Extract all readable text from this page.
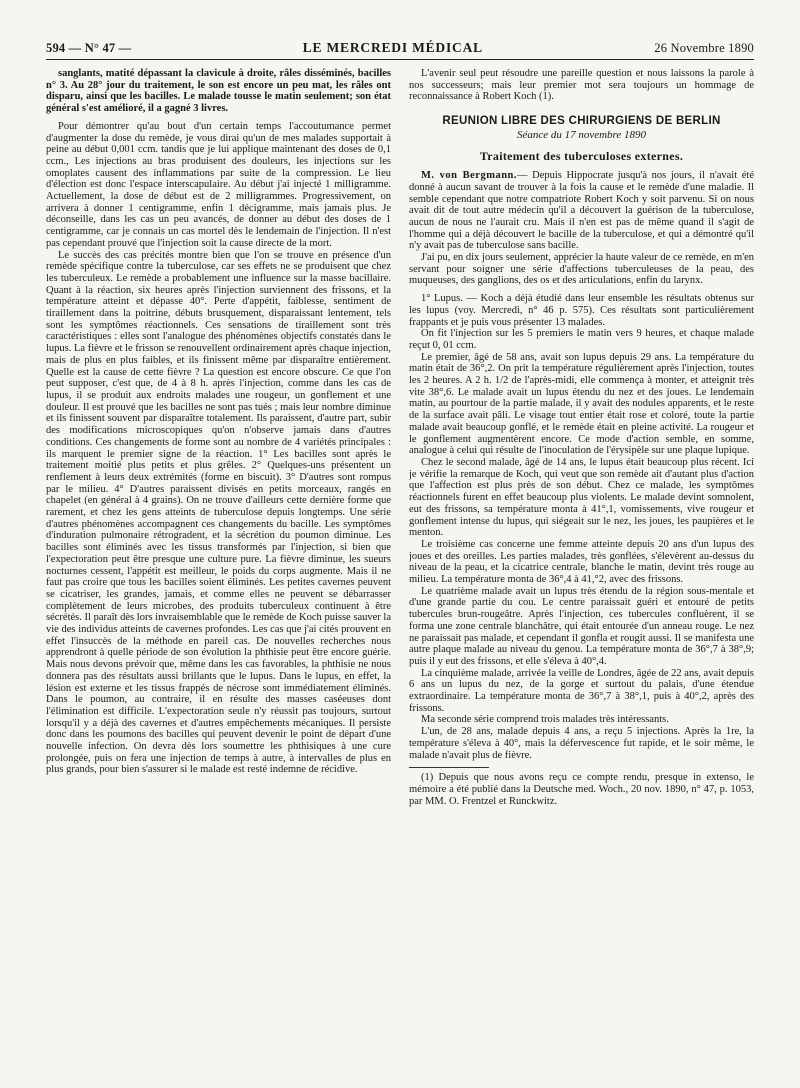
594 — N° 47 —	LE MERCREDI MÉDICAL	26 Novembre 1890

sanglants, matité dépassant la clavicule à droite, râles disséminés, bacilles n° 3. Au 28° jour du traitement, le son est encore un peu mat, les râles ont disparu, ainsi que les bacilles. Le malade tousse le matin seulement; son état général s'est amélioré, il a gagné 3 livres.

Pour démontrer qu'au bout d'un certain temps l'accoutumance permet d'augmenter la dose du remède, je vous dirai qu'un de mes malades supportait à peine au début 0,001 ccm. tandis que je lui applique maintenant des doses de 0,1 ccm., Les injections au bras produisent des douleurs, les injections sur les omoplates causent des inflammations par suite de la compression. Le lieu d'élection est donc l'espace interscapulaire. Au début j'ai injecté 1 milligramme. Actuellement, la dose de début est de 2 milligrammes. Progressivement, on arrivera à donner 1 centigramme, enfin 1 décigramme, mais jamais plus. Je déconseille, dans les cas un peu avancés, de donner au début des doses de 1 centigramme, car je connais un cas mortel dès le lendemain de l'injection. Il n'est pas cependant prouvé que l'injection soit la cause directe de la mort.

Le succès des cas précités montre bien que l'on se trouve en présence d'un remède spécifique contre la tuberculose, car ses effets ne se produisent que chez les tuberculeux. Le remède a probablement une influence sur la masse bacillaire. Quant à la réaction, six heures après l'injection surviennent des frissons, et la température atteint et dépasse 40°. Perte d'appétit, faiblesse, sentiment de tiraillement dans la poitrine, débuts brusquement, disparaissant lentement, tels sont les symptômes réactionnels. Ces sensations de tiraillement sont très caractéristiques : elles sont l'analogue des phénomènes objectifs constatés dans le lupus. La fièvre et le frisson se renouvellent ordinairement après chaque injection, mais de plus en plus faibles, et ils finissent même par disparaître entièrement. Quelle est la cause de cette fièvre ? La question est encore obscure. Ce que l'on peut supposer, c'est que, de 4 à 8 h. après l'injection, comme dans les cas de lupus, il se produit aux endroits malades une rougeur, un gonflement et une douleur. Il est prouvé que les bacilles ne sont pas tués ; mais leur nombre diminue et ils finissent souvent par disparaître totalement. Ils paraissent, d'autre part, subir des modifications microscopiques qu'on n'observe jamais dans d'autres conditions. Ces changements de forme sont au nombre de 4 variétés principales : ils marquent le premier signe de la réaction. 1° Les bacilles sont après le traitement moitié plus petits et plus grêles. 2° Quelques-uns présentent un renflement à leurs deux extrémités (forme en biscuit). 3° D'autres sont rompus par le milieu. 4° D'autres paraissent divisés en petits morceaux, rangés en chapelet (en général à 4 grains). On ne trouve d'ailleurs cette dernière forme que rarement, et chez les gens atteints de tuberculose depuis longtemps. Une série d'autres phénomènes accompagnent ces changements du bacille. Les symptômes d'induration pulmonaire rétrogradent, et la sécrétion du poumon diminue. Les bacilles sont éliminés avec les tissus transformés par l'injection, si bien que l'expectoration peut être presque une culture pure. La fièvre diminue, les sueurs nocturnes cessent, l'appétit est meilleur, le poids du corps augmente. Mais il ne faut pas croire que tous les bacilles soient éliminés. Les petites cavernes peuvent se cicatriser, les grandes, jamais, et comme elles ne peuvent se débarrasser complètement de leurs microbes, des produits tuberculeux continuent à être sécrétés. Il paraît dès lors invraisemblable que le remède de Koch puisse sauver la vie des individus atteints de cavernes profondes. Les cas que j'ai cités prouvent en effet l'insuccès de la méthode en pareil cas. De nouvelles recherches nous apprendront à quelle période de son évolution la phthisie peut être encore guérie. Mais nous devons prévoir que, même dans les cas favorables, la phthisie ne nous donnera pas des résultats aussi brillants que le lupus. Dans le lupus, en effet, la lésion est externe et les tissus frappés de nécrose sont immédiatement éliminés. Dans le poumon, au contraire, il en résulte des masses caséeuses dont l'élimination est difficile. L'expectoration seule n'y réussit pas toujours, surtout lorsqu'il y a déjà des cavernes et d'autres empêchements mécaniques. Il persiste donc dans les poumons des bacilles qui peuvent devenir le point de départ d'une nouvelle infection. On devra dès lors soumettre les phthisiques à une cure prolongée, puis on fera une injection de temps à autre, à intervalles de plus en plus grands, pour bien s'assurer si le malade est resté indemne de récidive.

L'avenir seul peut résoudre une pareille question et nous laissons la parole à nos successeurs; mais leur premier mot sera toujours un hommage de reconnaissance à Robert Koch (1).

REUNION LIBRE DES CHIRURGIENS DE BERLIN
Séance du 17 novembre 1890
Traitement des tuberculoses externes.

M. von Bergmann.— Depuis Hippocrate jusqu'à nos jours, il n'avait été donné à aucun savant de trouver à la fois la cause et le remède d'une maladie. Il semble cependant que notre compatriote Robert Koch y soit parvenu. Si on nous avait dit de tout autre médecin qu'il a découvert la guérison de la tuberculose, aucun de nous ne l'aurait cru. Mais il n'en est pas de même quand il s'agit de l'homme qui a déjà découvert le bacille de la tuberculose, et qui a démontré qu'il n'y avait pas de tuberculose sans bacille.

J'ai pu, en dix jours seulement, apprécier la haute valeur de ce remède, en m'en servant pour soigner une série d'affections tuberculeuses de la peau, des muqueuses, des ganglions, des os et des articulations, enfin du larynx.

1° Lupus. — Koch a déjà étudié dans leur ensemble les résultats obtenus sur les lupus (voy. Mercredi, n° 46 p. 575). Ces résultats sont particulièrement frappants et je puis vous présenter 13 malades.

On fit l'injection sur les 5 premiers le matin vers 9 heures, et chaque malade reçut 0, 01 ccm.

Le premier, âgé de 58 ans, avait son lupus depuis 29 ans. La température du matin était de 36°,2. On prit la température régulièrement après l'injection, toutes les 2 heures. A 2 h. 1/2 de l'après-midi, elle commença à monter, et atteignit très vite 38°,6. Le malade avait un lupus étendu du nez et des joues. Le lendemain matin, au pourtour de la partie malade, il y avait des nodules apparents, et le reste de la surface avait pâli. Le visage tout entier était rose et coloré, toute la partie malade avait beaucoup gonflé, et le remède était en pleine activité. La rougeur et le gonflement augmentèrent encore. Ce mode d'action semble, en somme, analogue à celui qui résulte de l'inoculation de l'érysipèle sur une plaque lupique.

Chez le second malade, âgé de 14 ans, le lupus était beaucoup plus récent. Ici je vérifie la remarque de Koch, qui veut que son remède ait d'autant plus d'action que l'affection est plus près de son début. Chez ce malade, les symptômes réactionnels furent en effet beaucoup plus violents. Le malade devint somnolent, eut des frissons, sa température monta à 41°,1, vomissements, vive rougeur et gonflement intense du lupus, qui siégeait sur le nez, les joues, les paupières et le menton.

Le troisième cas concerne une femme atteinte depuis 20 ans d'un lupus des joues et des oreilles. Les parties malades, très gonflées, s'élevèrent au-dessus du niveau de la peau, et la cicatrice centrale, blanche le matin, devint très rouge au milieu. La température monta de 36°,4 à 41,°2, avec des frissons.

Le quatrième malade avait un lupus très étendu de la région sous-mentale et d'une grande partie du cou. Le centre paraissait guéri et entouré de petits tubercules brun-rougeâtre. Après l'injection, ces tubercules confluèrent, il se forma une zone centrale blanchâtre, qui était entourée d'un anneau rouge. Le nez ne paraissait pas malade, et cependant il gonfla et rougit aussi. Il se manifesta une autre plaque malade au niveau du genou. La température monta de 36°,7 à 38°,9; puis il y eut des frissons, et elle s'éleva à 40°,4.

La cinquième malade, arrivée la veille de Londres, âgée de 22 ans, avait depuis 6 ans un lupus du nez, de la gorge et surtout du palais, d'une étendue extraordinaire. La température monta de 36°,7 à 38°,1, puis à 40°,2, après des frissons.

Ma seconde série comprend trois malades très intéressants.

L'un, de 28 ans, malade depuis 4 ans, a reçu 5 injections. Après la 1re, la température s'éleva à 40°, mais la défervescence fut rapide, et le soir même, le malade n'avait plus de fièvre.

(1) Depuis que nous avons reçu ce compte rendu, presque in extenso, le mémoire a été publié dans la Deutsche med. Woch., 20 nov. 1890, n° 47, p. 1053, par MM. O. Frentzel et Runckwitz.
